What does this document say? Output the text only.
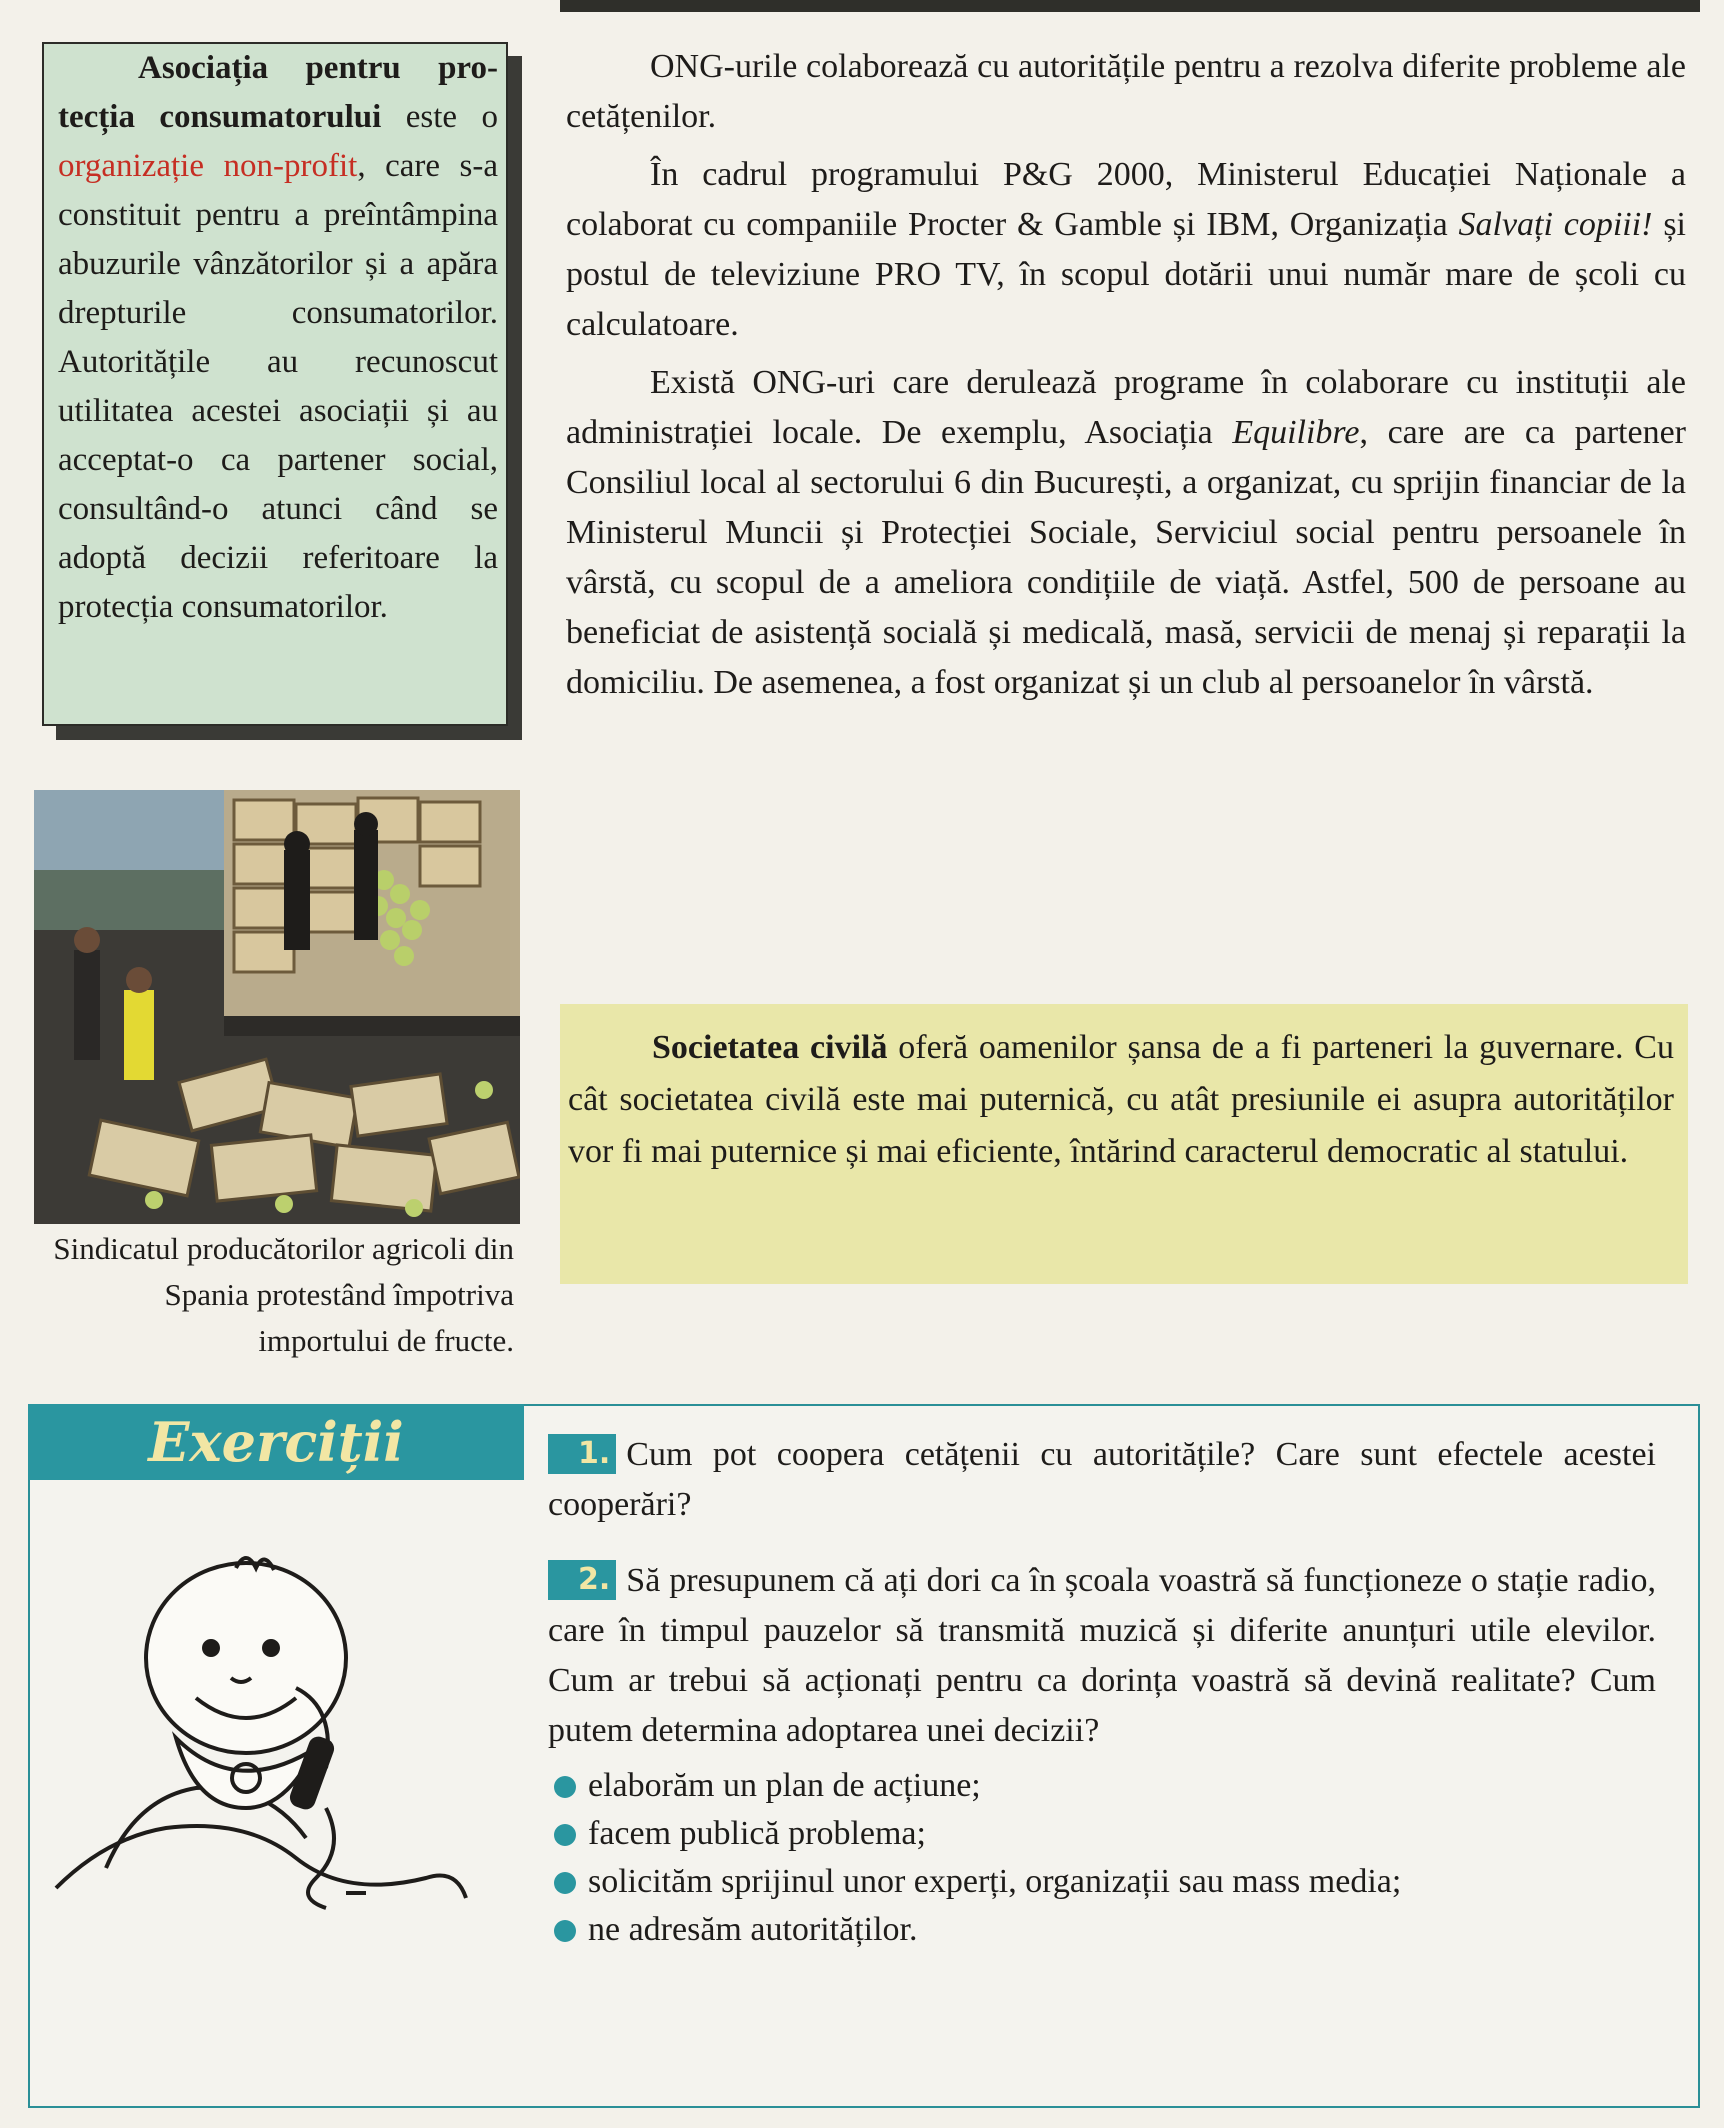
Asociația pentru protecția consumatorului este o organizație non-profit, care s-a constituit pentru a preîntâmpina abuzurile vânzătorilor și a apăra drepturile consumatorilor. Autoritățile au recunoscut utilitatea acestei asociații și au acceptat-o ca partener social, consultând-o atunci când se adoptă decizii referitoare la protecția consumatorilor.

Sindicatul producătorilor agricoli din Spania protestând împotriva importului de fructe.

ONG-urile colaborează cu autoritățile pentru a rezolva diferite probleme ale cetățenilor.

În cadrul programului P&G 2000, Ministerul Educației Naționale a colaborat cu companiile Procter & Gamble și IBM, Organizația Salvați copiii! și postul de televiziune PRO TV, în scopul dotării unui număr mare de școli cu calculatoare.

Există ONG-uri care derulează programe în colaborare cu instituții ale administrației locale. De exemplu, Asociația Equilibre, care are ca partener Consiliul local al sectorului 6 din București, a organizat, cu sprijin financiar de la Ministerul Muncii și Protecției Sociale, Serviciul social pentru persoanele în vârstă, cu scopul de a ameliora condițiile de viață. Astfel, 500 de persoane au beneficiat de asistență socială și medicală, masă, servicii de menaj și reparații la domiciliu. De asemenea, a fost organizat și un club al persoanelor în vârstă.

Societatea civilă oferă oamenilor șansa de a fi parteneri la guvernare. Cu cât societatea civilă este mai puternică, cu atât presiunile ei asupra autorităților vor fi mai puternice și mai eficiente, întărind caracterul democratic al statului.

Exerciții	1. Cum pot coopera cetățenii cu autoritățile? Care sunt efectele acestei cooperări?
2. Să presupunem că ați dori ca în școala voastră să funcționeze o stație radio, care în timpul pauzelor să transmită muzică și diferite anunțuri utile elevilor. Cum ar trebui să acționați pentru ca dorința voastră să devină realitate? Cum putem determina adoptarea unei decizii?
elaborăm un plan de acțiune;
facem publică problema;
solicităm sprijinul unor experți, organizații sau mass media;
ne adresăm autorităților.
